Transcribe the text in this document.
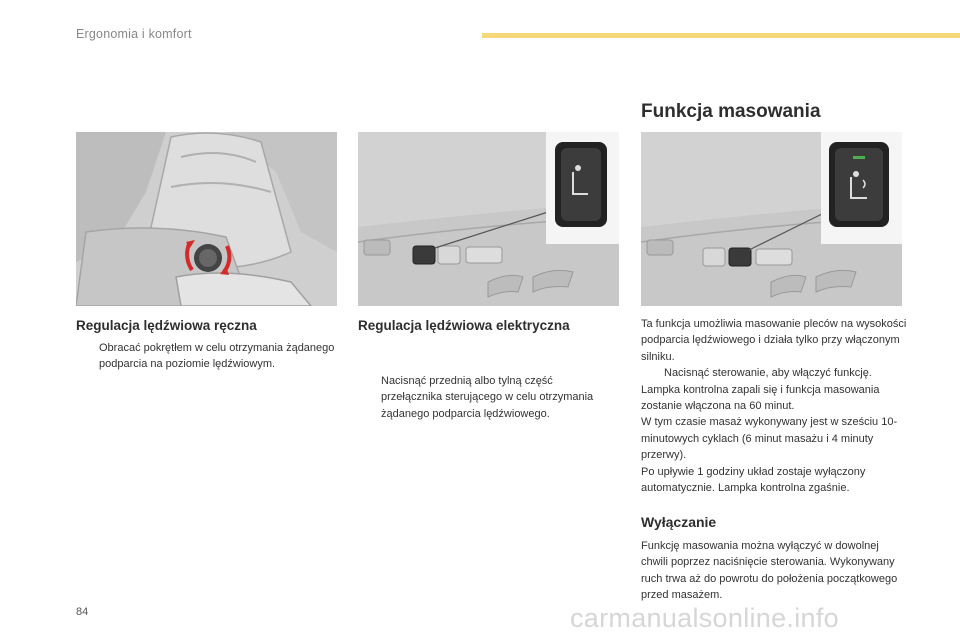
Ergonomia i komfort
Funkcja masowania
Regulacja lędźwiowa ręczna	Regulacja lędźwiowa elektryczna
Obracać pokrętłem w celu otrzymania żądanego podparcia na poziomie lędźwiowym.
Nacisnąć przednią albo tylną część przełącznika sterującego w celu otrzymania żądanego podparcia lędźwiowego.
Ta funkcja umożliwia masowanie pleców na wysokości podparcia lędźwiowego i działa tylko przy włączonym silniku.
Nacisnąć sterowanie, aby włączyć funkcję.
Lampka kontrolna zapali się i funkcja masowania zostanie włączona na 60 minut.
W tym czasie masaż wykonywany jest w sześciu 10-minutowych cyklach (6 minut masażu i 4 minuty przerwy).
Po upływie 1 godziny układ zostaje wyłączony automatycznie. Lampka kontrolna zgaśnie.
Wyłączanie
Funkcję masowania można wyłączyć w dowolnej chwili poprzez naciśnięcie sterowania. Wykonywany ruch trwa aż do powrotu do położenia początkowego przed masażem.
84	carmanualsonline.info
